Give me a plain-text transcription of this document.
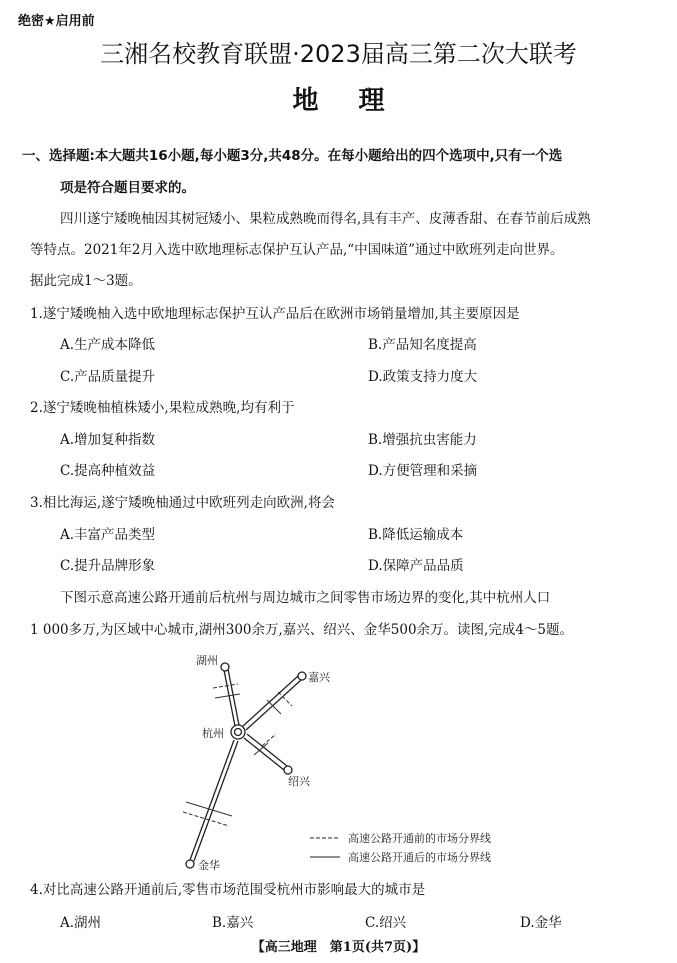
绝密★启用前
三湘名校教育联盟·2023届高三第二次大联考
地理
一、选择题:本大题共16小题,每小题3分,共48分。在每小题给出的四个选项中,只有一个选
项是符合题目要求的。
四川遂宁矮晚柚因其树冠矮小、果粒成熟晚而得名,具有丰产、皮薄香甜、在春节前后成熟
等特点。2021年2月入选中欧地理标志保护互认产品,“中国味道”通过中欧班列走向世界。
据此完成1～3题。
1.遂宁矮晚柚入选中欧地理标志保护互认产品后在欧洲市场销量增加,其主要原因是
A.生产成本降低	B.产品知名度提高
C.产品质量提升	D.政策支持力度大
2.遂宁矮晚柚植株矮小,果粒成熟晚,均有利于
A.增加复种指数	B.增强抗虫害能力
C.提高种植效益	D.方便管理和采摘
3.相比海运,遂宁矮晚柚通过中欧班列走向欧洲,将会
A.丰富产品类型	B.降低运输成本
C.提升品牌形象	D.保障产品品质
下图示意高速公路开通前后杭州与周边城市之间零售市场边界的变化,其中杭州人口
1 000多万,为区域中心城市,湖州300余万,嘉兴、绍兴、金华500余万。读图,完成4～5题。
湖州
嘉兴
杭州
绍兴
金华
高速公路开通前的市场分界线
高速公路开通后的市场分界线
4.对比高速公路开通前后,零售市场范围受杭州市影响最大的城市是
A.湖州	B.嘉兴	C.绍兴	D.金华
【高三地理　第1页(共7页)】
